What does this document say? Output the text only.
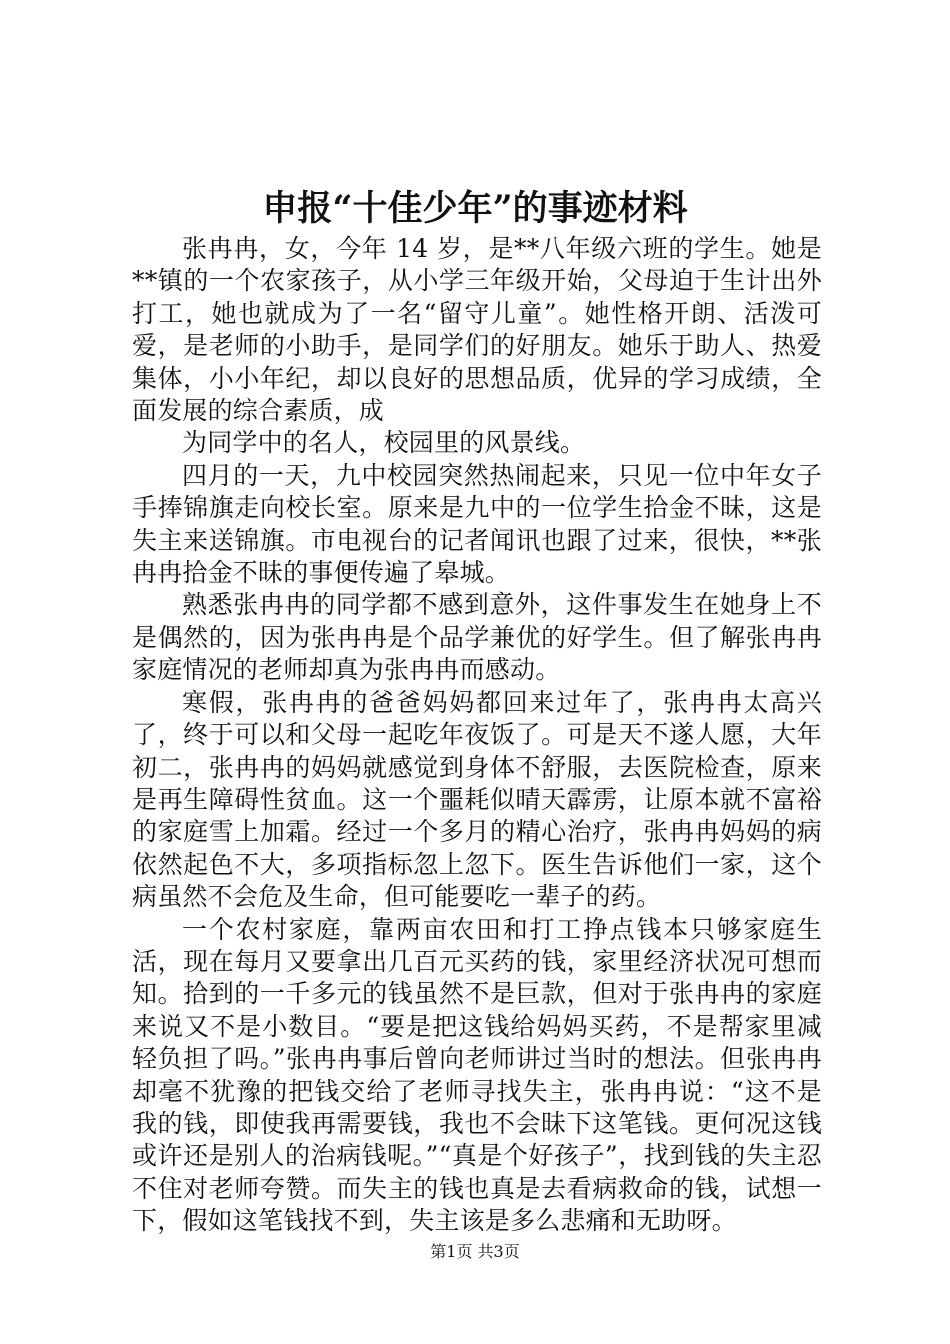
申报“十佳少年”的事迹材料

张冉冉，女，今年 14 岁，是**八年级六班的学生。她是**镇的一个农家孩子，从小学三年级开始，父母迫于生计出外打工，她也就成为了一名“留守儿童”。她性格开朗、活泼可爱，是老师的小助手，是同学们的好朋友。她乐于助人、热爱集体，小小年纪，却以良好的思想品质，优异的学习成绩，全面发展的综合素质，成

为同学中的名人，校园里的风景线。

四月的一天，九中校园突然热闹起来，只见一位中年女子手捧锦旗走向校长室。原来是九中的一位学生拾金不昧，这是失主来送锦旗。市电视台的记者闻讯也跟了过来，很快，**张冉冉拾金不昧的事便传遍了皋城。

熟悉张冉冉的同学都不感到意外，这件事发生在她身上不是偶然的，因为张冉冉是个品学兼优的好学生。但了解张冉冉家庭情况的老师却真为张冉冉而感动。

寒假，张冉冉的爸爸妈妈都回来过年了，张冉冉太高兴了，终于可以和父母一起吃年夜饭了。可是天不遂人愿，大年初二，张冉冉的妈妈就感觉到身体不舒服，去医院检查，原来是再生障碍性贫血。这一个噩耗似晴天霹雳，让原本就不富裕的家庭雪上加霜。经过一个多月的精心治疗，张冉冉妈妈的病依然起色不大，多项指标忽上忽下。医生告诉他们一家，这个病虽然不会危及生命，但可能要吃一辈子的药。

一个农村家庭，靠两亩农田和打工挣点钱本只够家庭生活，现在每月又要拿出几百元买药的钱，家里经济状况可想而知。拾到的一千多元的钱虽然不是巨款，但对于张冉冉的家庭来说又不是小数目。“要是把这钱给妈妈买药，不是帮家里减轻负担了吗。”张冉冉事后曾向老师讲过当时的想法。但张冉冉却毫不犹豫的把钱交给了老师寻找失主，张冉冉说：“这不是我的钱，即使我再需要钱，我也不会昧下这笔钱。更何况这钱或许还是别人的治病钱呢。”“真是个好孩子”，找到钱的失主忍不住对老师夸赞。而失主的钱也真是去看病救命的钱，试想一下，假如这笔钱找不到，失主该是多么悲痛和无助呀。

第1页 共3页
